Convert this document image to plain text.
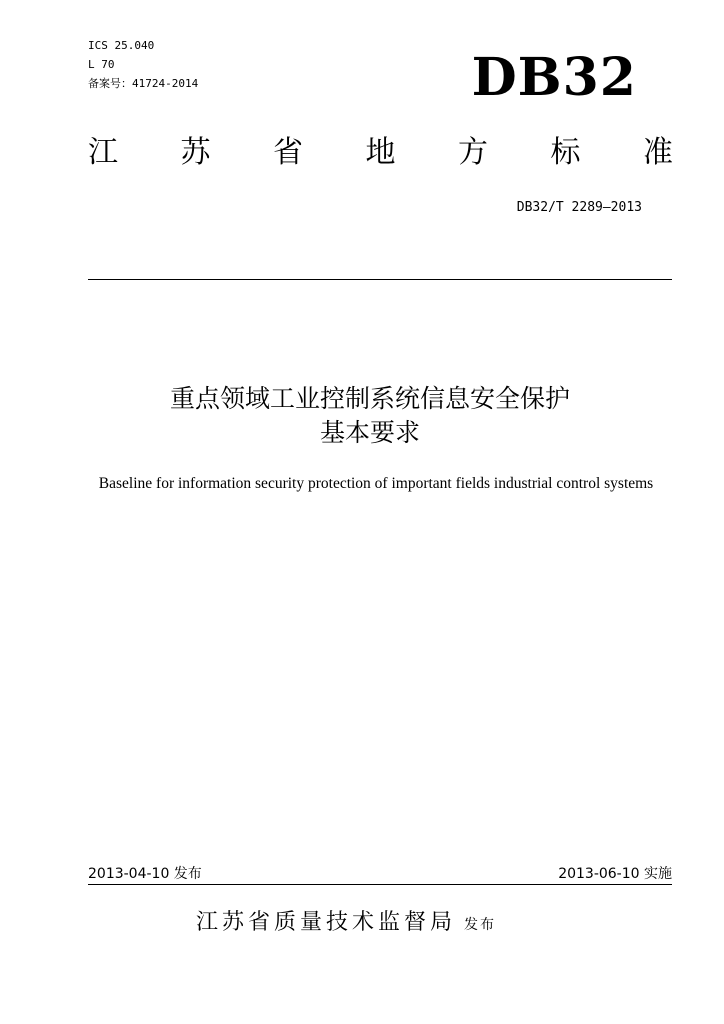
ICS 25.040
L 70
备案号：41724-2014	DB32
江 苏 省 地 方 标 准
DB32/T 2289—2013
重点领域工业控制系统信息安全保护
基本要求
Baseline for information security protection of important fields industrial control systems
2013-04-10 发布	2013-06-10 实施
江苏省质量技术监督局 发布
